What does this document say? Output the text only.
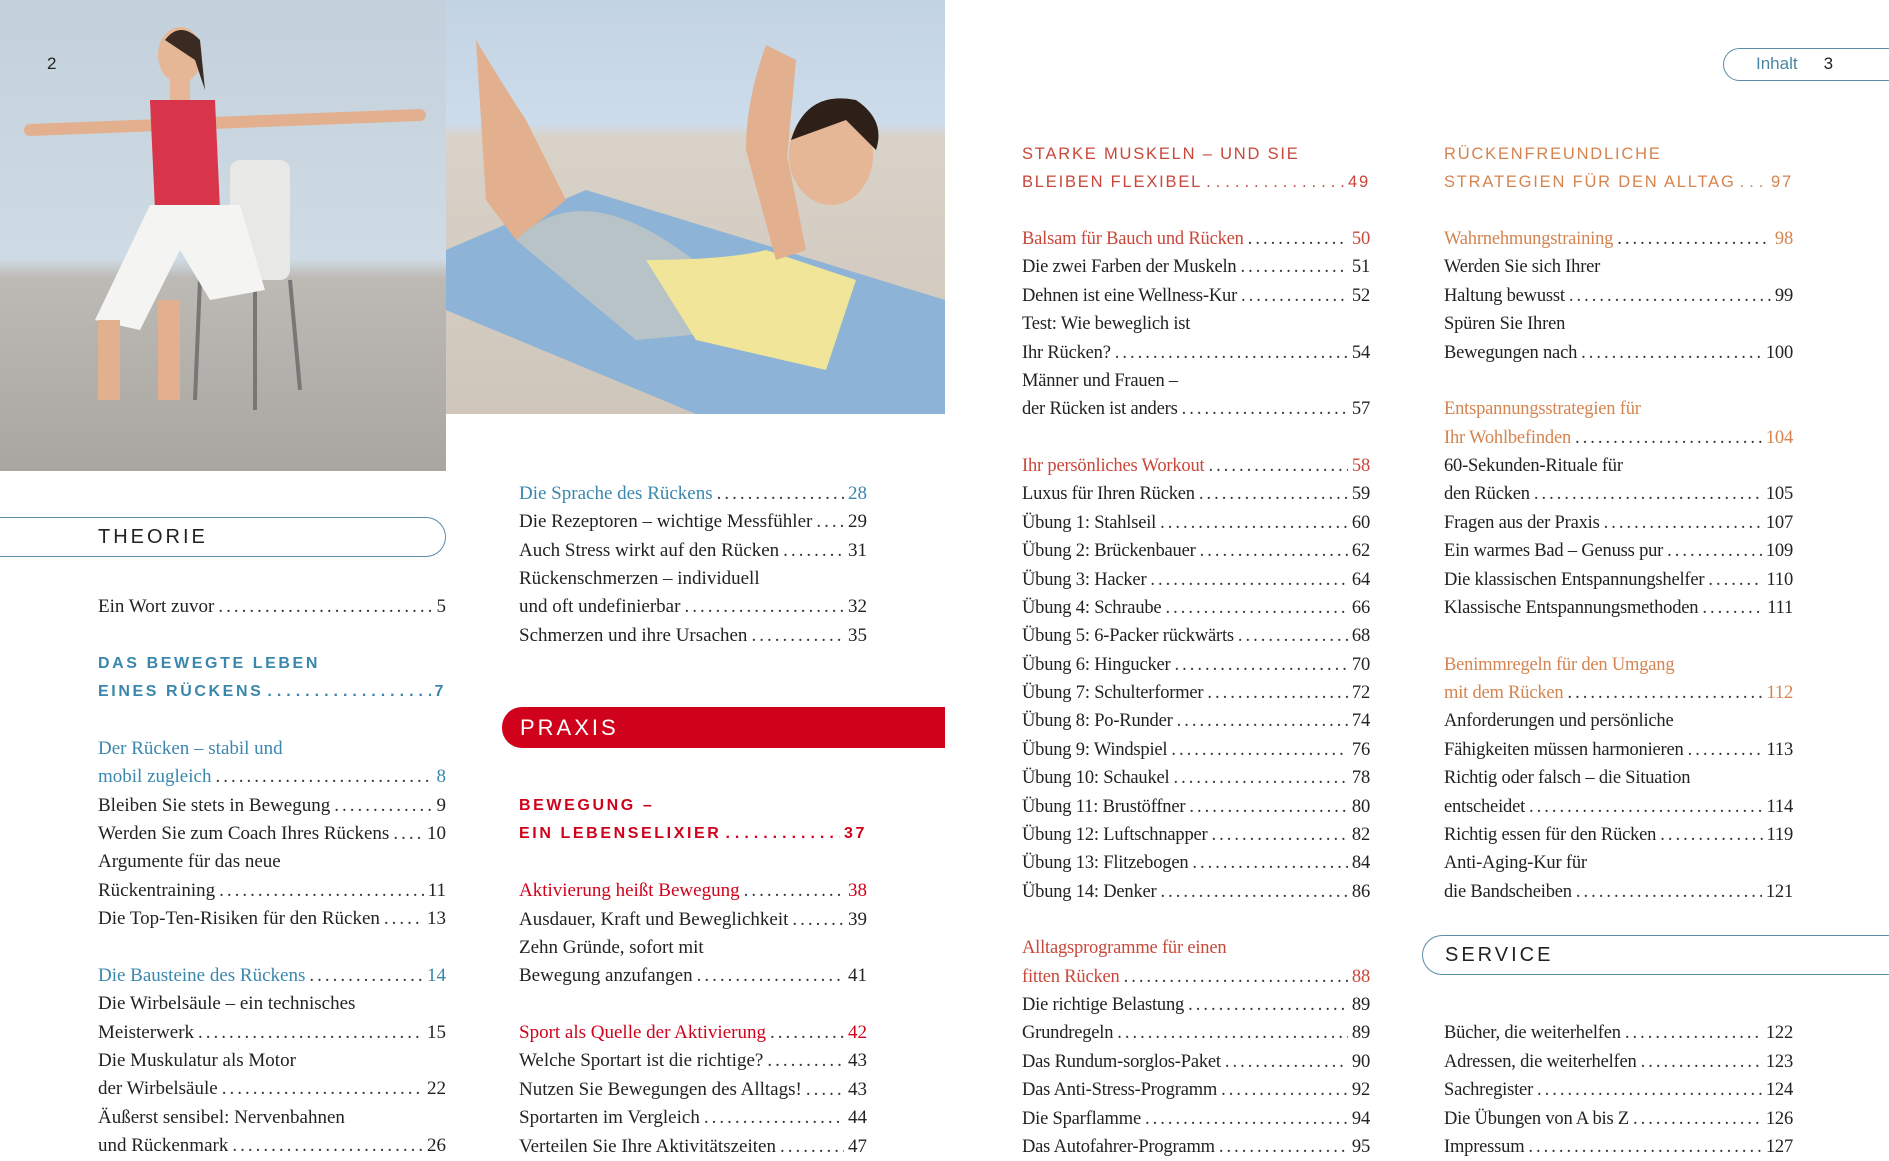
2	Inhalt 3
THEORIE
PRAXIS
SERVICE
Ein Wort zuvor .....	5
DAS BEWEGTE LEBEN
EINES RÜCKENS .....	7
Der Rücken – stabil und
mobil zugleich .....	8
Bleiben Sie stets in Bewegung .....	9
Werden Sie zum Coach Ihres Rückens ..... 10
Argumente für das neue
Rückentraining .....	11
Die Top-Ten-Risiken für den Rücken ..... 13
Die Bausteine des Rückens .....	14
Die Wirbelsäule – ein technisches
Meisterwerk .....	15
Die Muskulatur als Motor
der Wirbelsäule .....	22
Äußerst sensibel: Nervenbahnen
und Rückenmark .....	26
Die Sprache des Rückens .....	28
Die Rezeptoren – wichtige Messfühler ..... 29
Auch Stress wirkt auf den Rücken .....	31
Rückenschmerzen – individuell
und oft undefinierbar .....	32
Schmerzen und ihre Ursachen .....	35
BEWEGUNG –
EIN LEBENSELIXIER .....	37
Aktivierung heißt Bewegung .....	38
Ausdauer, Kraft und Beweglichkeit .....	39
Zehn Gründe, sofort mit
Bewegung anzufangen .....	41
Sport als Quelle der Aktivierung .....	42
Welche Sportart ist die richtige? .....	43
Nutzen Sie Bewegungen des Alltags! ..... 43
Sportarten im Vergleich .....	44
Verteilen Sie Ihre Aktivitätszeiten .....	47
STARKE MUSKELN – UND SIE
BLEIBEN FLEXIBEL .....	49
Balsam für Bauch und Rücken .....	50
Die zwei Farben der Muskeln .....	51
Dehnen ist eine Wellness-Kur .....	52
Test: Wie beweglich ist
Ihr Rücken? .....	54
Männer und Frauen –
der Rücken ist anders .....	57
Ihr persönliches Workout .....	58
Luxus für Ihren Rücken .....	59
Übung 1: Stahlseil .....	60
Übung 2: Brückenbauer .....	62
Übung 3: Hacker .....	64
Übung 4: Schraube .....	66
Übung 5: 6-Packer rückwärts .....	68
Übung 6: Hingucker .....	70
Übung 7: Schulterformer .....	72
Übung 8: Po-Runder .....	74
Übung 9: Windspiel .....	76
Übung 10: Schaukel .....	78
Übung 11: Brustöffner .....	80
Übung 12: Luftschnapper .....	82
Übung 13: Flitzebogen .....	84
Übung 14: Denker .....	86
Alltagsprogramme für einen
fitten Rücken .....	88
Die richtige Belastung .....	89
Grundregeln .....	89
Das Rundum-sorglos-Paket .....	90
Das Anti-Stress-Programm .....	92
Die Sparflamme .....	94
Das Autofahrer-Programm .....	95
RÜCKENFREUNDLICHE
STRATEGIEN FÜR DEN ALLTAG ..... 97
Wahrnehmungstraining .....	98
Werden Sie sich Ihrer
Haltung bewusst .....	99
Spüren Sie Ihren
Bewegungen nach .....	100
Entspannungsstrategien für
Ihr Wohlbefinden .....	104
60-Sekunden-Rituale für
den Rücken .....	105
Fragen aus der Praxis .....	107
Ein warmes Bad – Genuss pur .....	109
Die klassischen Entspannungshelfer .....	110
Klassische Entspannungsmethoden .....	111
Benimmregeln für den Umgang
mit dem Rücken .....	112
Anforderungen und persönliche
Fähigkeiten müssen harmonieren .....	113
Richtig oder falsch – die Situation
entscheidet .....	114
Richtig essen für den Rücken .....	119
Anti-Aging-Kur für
die Bandscheiben .....	121
Bücher, die weiterhelfen .....	122
Adressen, die weiterhelfen .....	123
Sachregister .....	124
Die Übungen von A bis Z .....	126
Impressum .....	127
